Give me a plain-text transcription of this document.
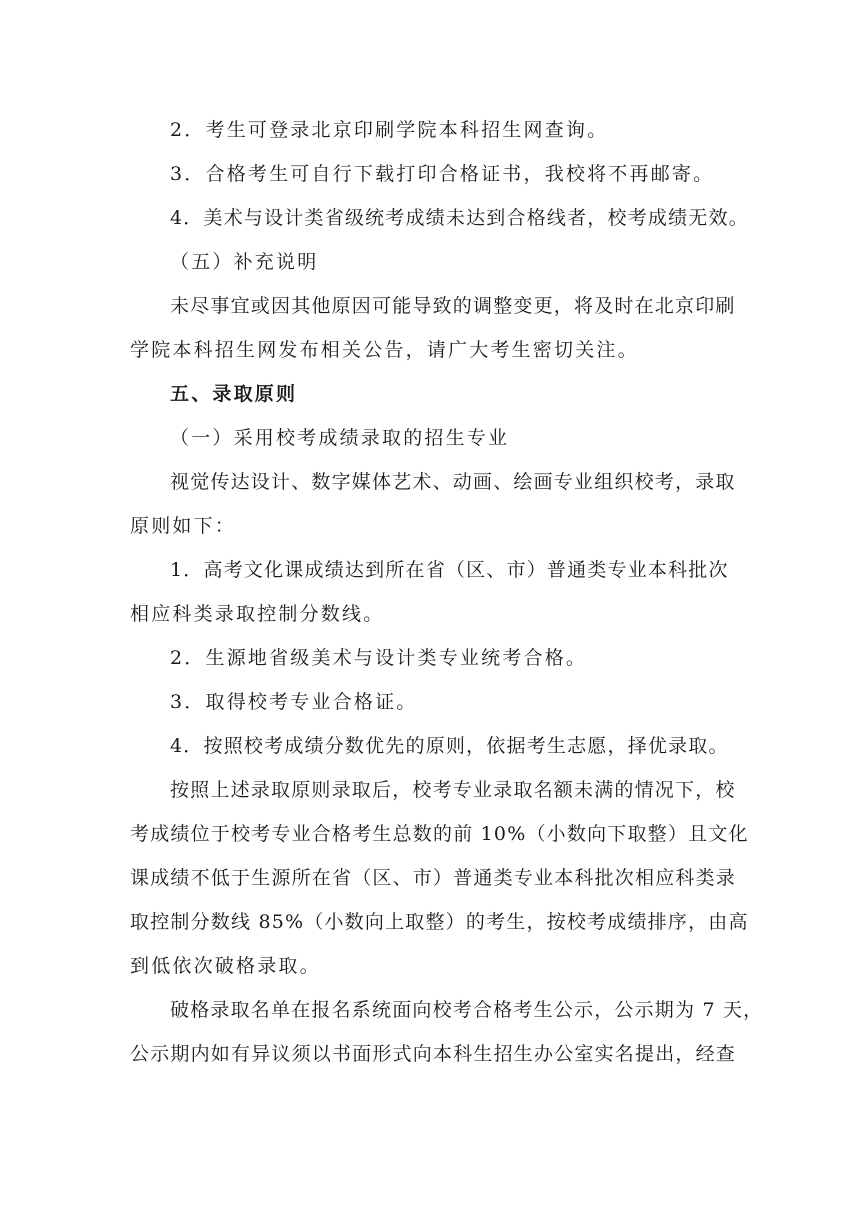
2．考生可登录北京印刷学院本科招生网查询。

3．合格考生可自行下载打印合格证书，我校将不再邮寄。

4．美术与设计类省级统考成绩未达到合格线者，校考成绩无效。

（五）补充说明

未尽事宜或因其他原因可能导致的调整变更，将及时在北京印刷

学院本科招生网发布相关公告，请广大考生密切关注。

五、录取原则

（一）采用校考成绩录取的招生专业

视觉传达设计、数字媒体艺术、动画、绘画专业组织校考，录取

原则如下：

1．高考文化课成绩达到所在省（区、市）普通类专业本科批次

相应科类录取控制分数线。

2．生源地省级美术与设计类专业统考合格。

3．取得校考专业合格证。

4．按照校考成绩分数优先的原则，依据考生志愿，择优录取。

按照上述录取原则录取后，校考专业录取名额未满的情况下，校

考成绩位于校考专业合格考生总数的前 10%（小数向下取整）且文化

课成绩不低于生源所在省（区、市）普通类专业本科批次相应科类录

取控制分数线 85%（小数向上取整）的考生，按校考成绩排序，由高

到低依次破格录取。

破格录取名单在报名系统面向校考合格考生公示，公示期为 7 天，

公示期内如有异议须以书面形式向本科生招生办公室实名提出，经查
